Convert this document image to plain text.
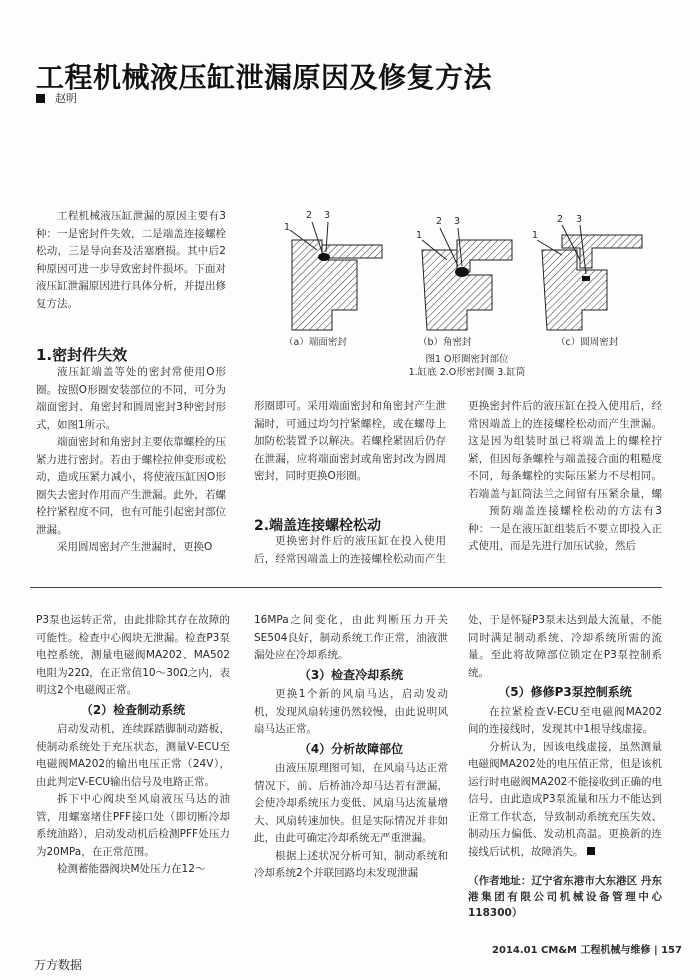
工程机械液压缸泄漏原因及修复方法
赵明

工程机械液压缸泄漏的原因主要有3种：一是密封件失效，二是端盖连接螺栓松动，三是导向套及活塞磨损。其中后2种原因可进一步导致密封件损坏。下面对液压缸泄漏原因进行具体分析，并提出修复方法。

1.密封件失效

液压缸端盖等处的密封常使用O形圈。按照O形圈安装部位的不同，可分为端面密封、角密封和圆周密封3种密封形式，如图1所示。

端面密封和角密封主要依靠螺栓的压紧力进行密封。若由于螺栓拉伸变形或松动，造成压紧力减小，将使液压缸因O形圈失去密封作用而产生泄漏。此外，若螺栓拧紧程度不同，也有可能引起密封部位泄漏。

采用圆周密封产生泄漏时，更换O

形圈即可。采用端面密封和角密封产生泄漏时，可通过均匀拧紧螺栓，或在螺母上加防松装置予以解决。若螺栓紧固后仍存在泄漏，应将端面密封或角密封改为圆周密封，同时更换O形圈。

2.端盖连接螺栓松动

更换密封件后的液压缸在投入使用后，经常因端盖上的连接螺栓松动而产生

更换密封件后的液压缸在投入使用后，经常因端盖上的连接螺栓松动而产生泄漏。这是因为组装时虽已将端盖上的螺栓拧紧，但因每条螺栓与端盖接合面的粗糙度不同，每条螺栓的实际压紧力不尽相同。若端盖与缸筒法兰之间留有压紧余量，螺

预防端盖连接螺栓松动的方法有3种：一是在液压缸组装后不要立即投入正式使用，而是先进行加压试验，然后

1
2 3
1
2 3
1
2 3
（a）端面密封	（b）角密封	（c）圆周密封
图1 O形圈密封部位
1.缸底 2.O形密封圈 3.缸筒

P3泵也运转正常，由此排除其存在故障的可能性。检查中心阀块无泄漏。检查P3泵电控系统，测量电磁阀MA202、MA502电阻为22Ω，在正常值10～30Ω之内，表明这2个电磁阀正常。

（2）检查制动系统

启动发动机，连续踩踏脚制动踏板，使制动系统处于充压状态，测量V-ECU至电磁阀MA202的输出电压正常（24V），由此判定V-ECU输出信号及电路正常。

拆下中心阀块至风扇液压马达的油管，用螺塞堵住PFF接口处（即切断冷却系统油路），启动发动机后检测PFF处压力为20MPa，在正常范围。

检测蓄能器阀块M处压力在12～

16MPa之间变化，由此判断压力开关SE504良好，制动系统工作正常，油液泄漏处应在冷却系统。

（3）检查冷却系统

更换1个新的风扇马达，启动发动机，发现风扇转速仍然较慢，由此说明风扇马达正常。

（4）分析故障部位

由液压原理图可知，在风扇马达正常情况下，前、后桥油冷却马达若有泄漏，会使冷却系统压力变低、风扇马达流量增大、风扇转速加快。但是实际情况并非如此，由此可确定冷却系统无严重泄漏。

根据上述状况分析可知，制动系统和冷却系统2个并联回路均未发现泄漏

处，于是怀疑P3泵未达到最大流量，不能同时满足制动系统、冷却系统所需的流量。至此将故障部位锁定在P3泵控制系统。

（5）修修P3泵控制系统

在拉紧检查V-ECU至电磁阀MA202间的连接线时，发现其中1根导线虚接。

分析认为，因该电线虚接，虽然测量电磁阀MA202处的电压值正常，但是该机运行时电磁阀MA202不能接收到正确的电信号，由此造成P3泵流量和压力不能达到正常工作状态，导致制动系统充压失效、制动压力偏低、发动机高温。更换新的连接线后试机，故障消失。

（作者地址：辽宁省东港市大东港区 丹东港集团有限公司机械设备管理中心 118300）
2014.01 CM&M 工程机械与维修 | 157
万方数据
